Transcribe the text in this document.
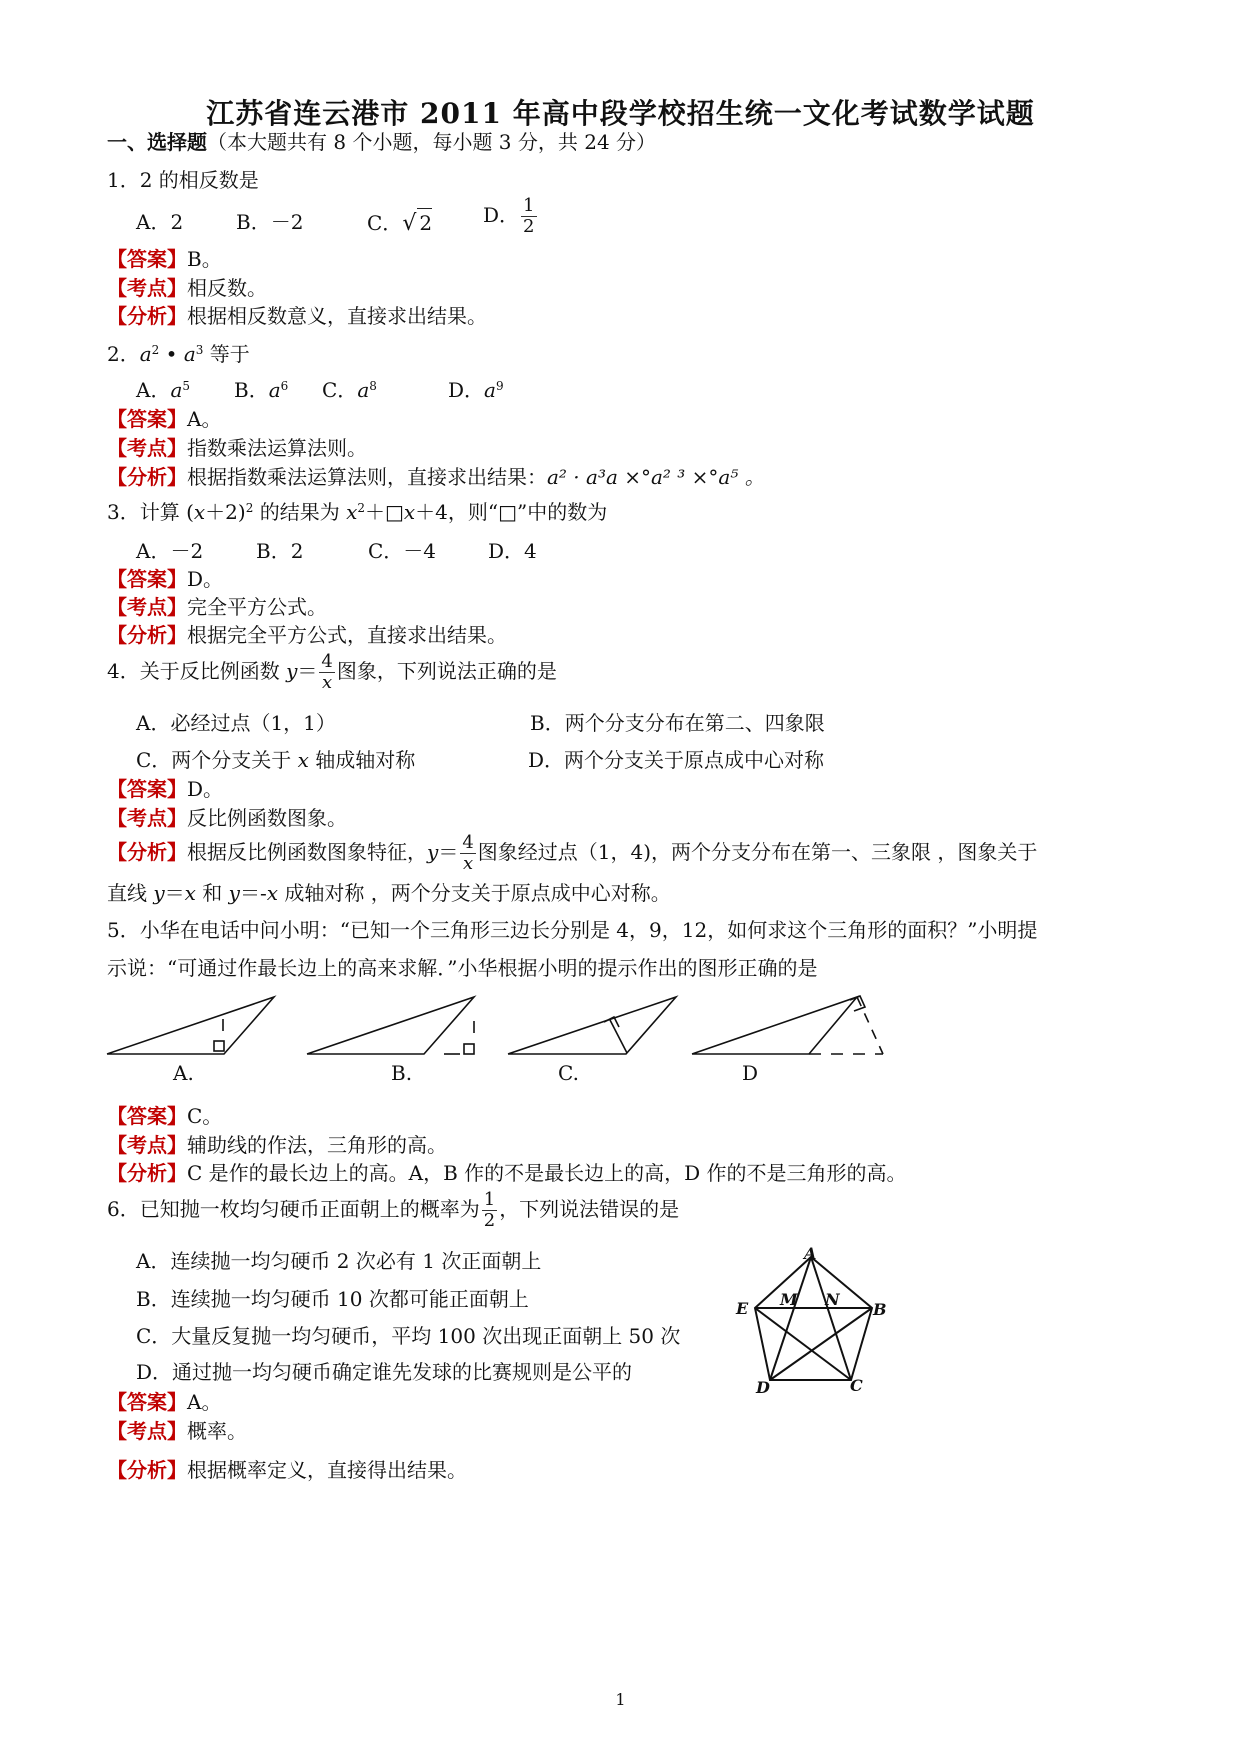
江苏省连云港市 2011 年高中段学校招生统一文化考试数学试题
一、选择题（本大题共有 8 个小题，每小题 3 分，共 24 分）
1．2 的相反数是
A．2	B．－2	C．√ 2	D． $\frac{1}{2}$
【答案】B。
【考点】相反数。
【分析】根据相反数意义，直接求出结果。
2．$a^2$ • $a^3$ 等于
A．$a^5$ B．$a^6$ C．$a^8$	D．$a^9$
【答案】A。
【考点】指数乘法运算法则。
【分析】根据指数乘法运算法则，直接求出结果：a² · a³a ×°a² ³ ×°a⁵ 。
3．计算 $(x+2)^2$ 的结果为 $x^2+□x+4$，则“□”中的数为
A．－2	B．2	C．－4	D．4
【答案】D。
【考点】完全平方公式。
【分析】根据完全平方公式，直接求出结果。
4．关于反比例函数 $y= \frac{4}{x}$ 图象，下列说法正确的是
A．必经过点（1，1）	B．两个分支分布在第二、四象限
C．两个分支关于 x 轴成轴对称	D．两个分支关于原点成中心对称
【答案】D。
【考点】反比例函数图象。
【分析】根据反比例函数图象特征，$y= \frac{4}{x}$ 图象经过点（1，4)，两个分支分布在第一、三象限 ，图象关于
直线 y＝x 和 y＝-x 成轴对称 ，两个分支关于原点成中心对称。
5．小华在电话中问小明：“已知一个三角形三边长分别是 4，9，12，如何求这个三角形的面积？”小明提
示说：“可通过作最长边上的高来求解．”小华根据小明的提示作出的图形正确的是
A.	B.	C.	D
【答案】C。
【考点】辅助线的作法，三角形的高。
【分析】C 是作的最长边上的高。A，B 作的不是最长边上的高，D 作的不是三角形的高。
6．已知抛一枚均匀硬币正面朝上的概率为 $\frac{1}{2}$ ，下列说法错误的是
A．连续抛一均匀硬币 2 次必有 1 次正面朝上
B．连续抛一均匀硬币 10 次都可能正面朝上
C．大量反复抛一均匀硬币，平均 100 次出现正面朝上 50 次
D．通过抛一均匀硬币确定谁先发球的比赛规则是公平的
【答案】A。
【考点】概率。
【分析】根据概率定义，直接得出结果。
A
E M N
B
D	C
1
